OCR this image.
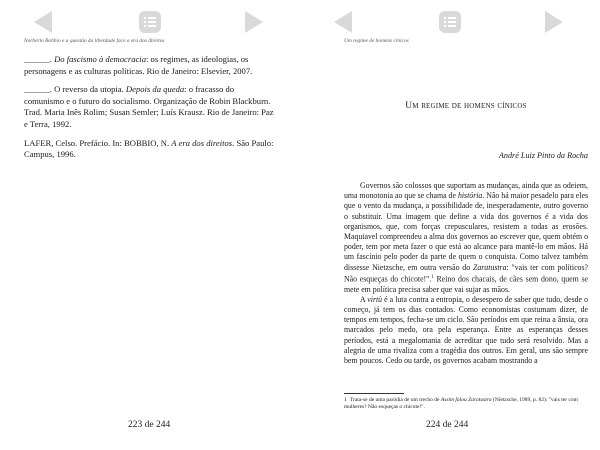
Norberto Bobbio e a questão da liberdade face a era dos direitos

______. Do fascismo à democracia: os regimes, as ideologias, os personagens e as culturas políticas. Rio de Janeiro: Elsevier, 2007.

______. O reverso da utopia. Depois da queda: o fracasso do comunismo e o futuro do socialismo. Organização de Robin Blackburn. Trad. Maria Inês Rolim; Susan Semler; Luís Krausz. Rio de Janeiro: Paz e Terra, 1992.

LAFER, Celso. Prefácio. In: BOBBIO, N. A era dos direitos. São Paulo: Campus, 1996.

223 de 244
Um regime de homens cínicos
Um regime de homens cínicos
André Luiz Pinto da Rocha

Governos são colossos que suportam as mudanças, ainda que as odeiem, uma monotonia ao que se chama de história. Não há maior pesadelo para eles que o vento da mudança, a possibilidade de, inesperadamente, outro governo o substituir. Uma imagem que define a vida dos governos é a vida dos organismos, que, com forças crepusculares, resistem a todas as erosões. Maquiavel compreendeu a alma dos governos ao escrever que, quem obtém o poder, tem por meta fazer o que está ao alcance para mantê-lo em mãos. Há um fascínio pelo poder da parte de quem o conquista. Como talvez também dissesse Nietzsche, em outra versão do Zaratustra: "vais ter com políticos? Não esqueças do chicote!".$^1$ Reino dos chacais, de cães sem dono, quem se mete em política precisa saber que vai sujar as mãos.

A virtù é a luta contra a entropia, o desespero de saber que tudo, desde o começo, já tem os dias contados. Como economistas costumam dizer, de tempos em tempos, fecha-se um ciclo. São períodos em que reina a ânsia, ora marcados pelo medo, ora pela esperança. Entre as esperanças desses períodos, está a megalomania de acreditar que tudo será resolvido. Mas a alegria de uma rivaliza com a tragédia dos outros. Em geral, uns são sempre bem poucos. Cedo ou tarde, os governos acabam mostrando a

1 Trata-se de uma paródia de um trecho de Assim falou Zaratustra (Nietzsche, 1989, p. 82): "vais ter com mulheres? Não esqueças o chicote!".
224 de 244
